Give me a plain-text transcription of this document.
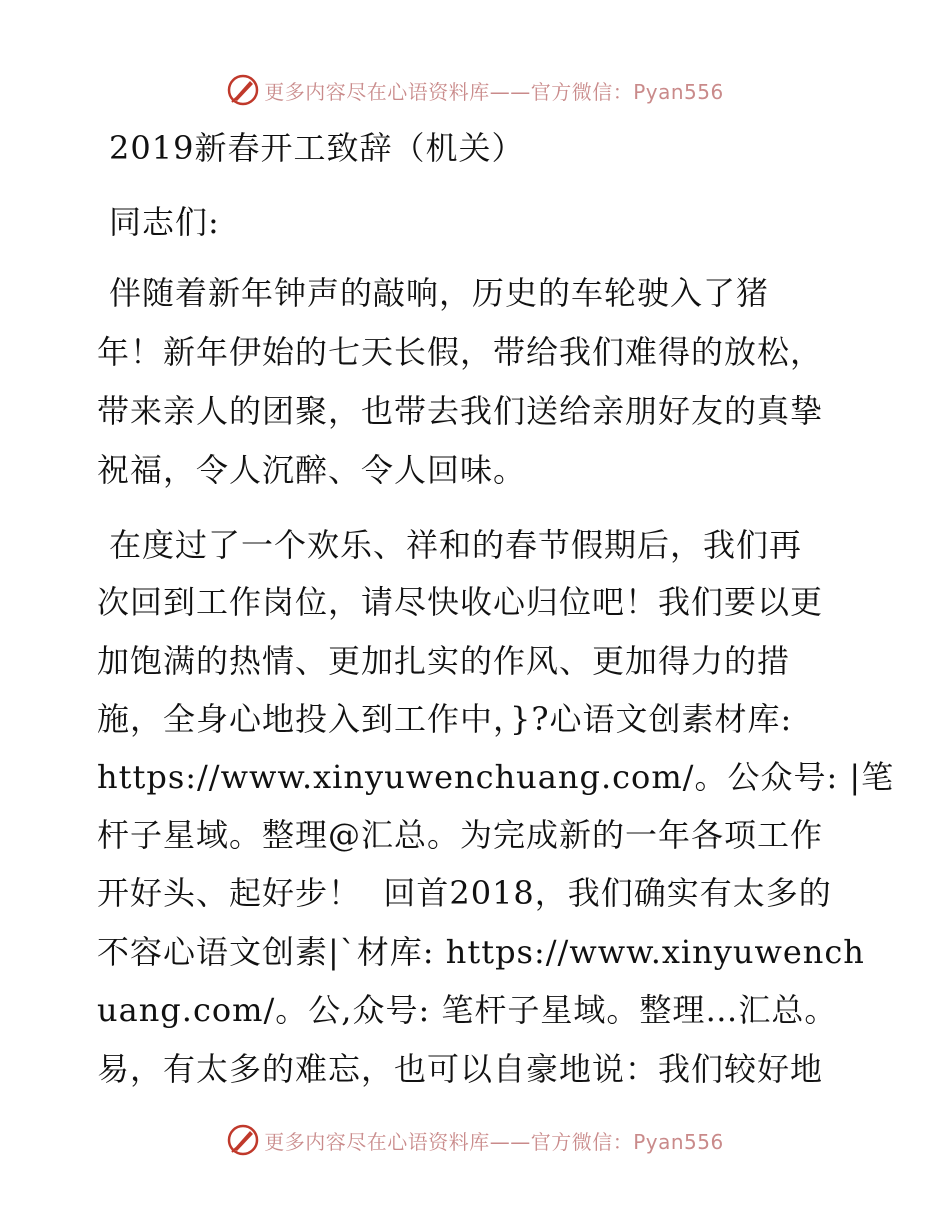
更多内容尽在心语资料库——官方微信：Pyan556
2019新春开工致辞（机关）
同志们:
伴随着新年钟声的敲响，历史的车轮驶入了猪
年！新年伊始的七天长假，带给我们难得的放松，
带来亲人的团聚，也带去我们送给亲朋好友的真挚
祝福，令人沉醉、令人回味。
在度过了一个欢乐、祥和的春节假期后，我们再
次回到工作岗位，请尽快收心归位吧！我们要以更
加饱满的热情、更加扎实的作风、更加得力的措
施，全身心地投入到工作中，}?心语文创素材库:
https://www.xinyuwenchuang.com/。公众号: |笔
杆子星域。整理@汇总。为完成新的一年各项工作
开好头、起好步！  回首2018，我们确实有太多的
不容心语文创素|`材库: https://www.xinyuwench
uang.com/。公,众号: 笔杆子星域。整理…汇总。
易，有太多的难忘，也可以自豪地说：我们较好地
更多内容尽在心语资料库——官方微信：Pyan556
